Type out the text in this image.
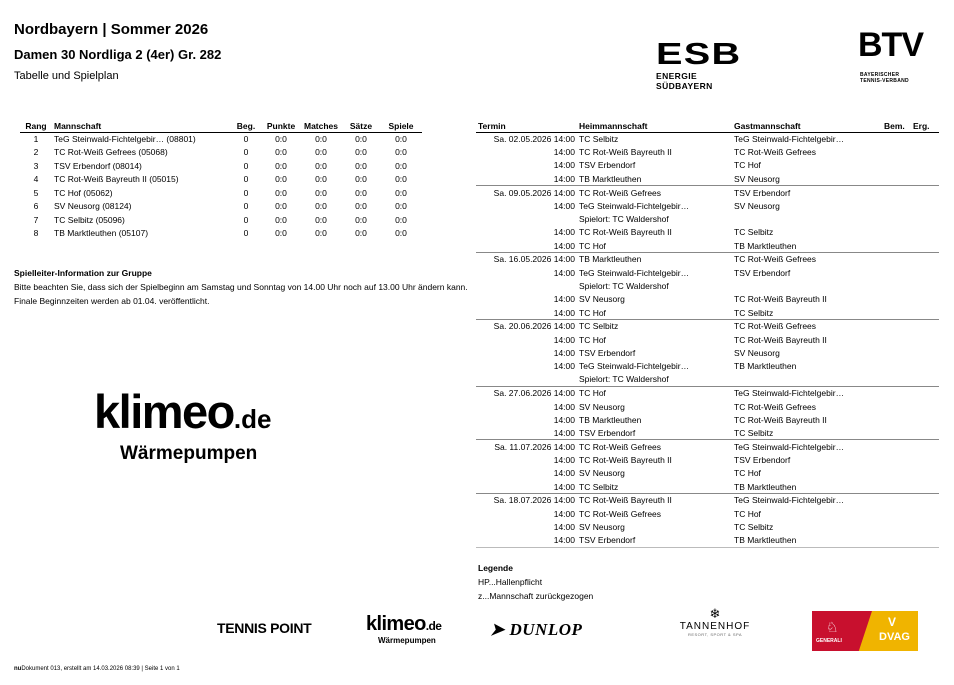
Nordbayern | Sommer 2026
Damen 30 Nordliga 2 (4er) Gr. 282
Tabelle und Spielplan
ESB
ENERGIE SÜDBAYERN
BTV
BAYERISCHER
TENNIS-VERBAND
Rang	Mannschaft	Beg.	Punkte	Matches	Sätze	Spiele
1	TeG Steinwald-Fichtelgebir… (08801)	0	0:0	0:0	0:0	0:0
2	TC Rot-Weiß Gefrees (05068)	0	0:0	0:0	0:0	0:0
3	TSV Erbendorf (08014)	0	0:0	0:0	0:0	0:0
4	TC Rot-Weiß Bayreuth II (05015)	0	0:0	0:0	0:0	0:0
5	TC Hof (05062)	0	0:0	0:0	0:0	0:0
6	SV Neusorg (08124)	0	0:0	0:0	0:0	0:0
7	TC Selbitz (05096)	0	0:0	0:0	0:0	0:0
8	TB Marktleuthen (05107)	0	0:0	0:0	0:0	0:0
Spielleiter-Information zur Gruppe
Bitte beachten Sie, dass sich der Spielbeginn am Samstag und Sonntag von 14.00 Uhr noch auf 13.00 Uhr ändern kann. Finale Beginnzeiten werden ab 01.04. veröffentlicht.
klimeo.de
Wärmepumpen
Termin	Heimmannschaft	Gastmannschaft	Bem.	Erg.
Sa. 02.05.2026 14:00	TC Selbitz	TeG Steinwald-Fichtelgebir…		
14:00	TC Rot-Weiß Bayreuth II	TC Rot-Weiß Gefrees		
14:00	TSV Erbendorf	TC Hof		
14:00	TB Marktleuthen	SV Neusorg		
Sa. 09.05.2026 14:00	TC Rot-Weiß Gefrees	TSV Erbendorf		
14:00	TeG Steinwald-Fichtelgebir…	SV Neusorg		
	Spielort: TC Waldershof			
14:00	TC Rot-Weiß Bayreuth II	TC Selbitz		
14:00	TC Hof	TB Marktleuthen		
Sa. 16.05.2026 14:00	TB Marktleuthen	TC Rot-Weiß Gefrees		
14:00	TeG Steinwald-Fichtelgebir…	TSV Erbendorf		
	Spielort: TC Waldershof			
14:00	SV Neusorg	TC Rot-Weiß Bayreuth II		
14:00	TC Hof	TC Selbitz		
Sa. 20.06.2026 14:00	TC Selbitz	TC Rot-Weiß Gefrees		
14:00	TC Hof	TC Rot-Weiß Bayreuth II		
14:00	TSV Erbendorf	SV Neusorg		
14:00	TeG Steinwald-Fichtelgebir…	TB Marktleuthen		
	Spielort: TC Waldershof			
Sa. 27.06.2026 14:00	TC Hof	TeG Steinwald-Fichtelgebir…		
14:00	SV Neusorg	TC Rot-Weiß Gefrees		
14:00	TB Marktleuthen	TC Rot-Weiß Bayreuth II		
14:00	TSV Erbendorf	TC Selbitz		
Sa. 11.07.2026 14:00	TC Rot-Weiß Gefrees	TeG Steinwald-Fichtelgebir…		
14:00	TC Rot-Weiß Bayreuth II	TSV Erbendorf		
14:00	SV Neusorg	TC Hof		
14:00	TC Selbitz	TB Marktleuthen		
Sa. 18.07.2026 14:00	TC Rot-Weiß Bayreuth II	TeG Steinwald-Fichtelgebir…		
14:00	TC Rot-Weiß Gefrees	TC Hof		
14:00	SV Neusorg	TC Selbitz		
14:00	TSV Erbendorf	TB Marktleuthen		
Legende
HP...Hallenpflicht
z...Mannschaft zurückgezogen
TENNIS POINT	klimeo.de
Wärmepumpen
➤ DUNLOP
❄
TANNENHOF
RESORT, SPORT & SPA	♘
GENERALI
V
DVAG
nuDokument 013, erstellt am 14.03.2026 08:39 | Seite 1 von 1
